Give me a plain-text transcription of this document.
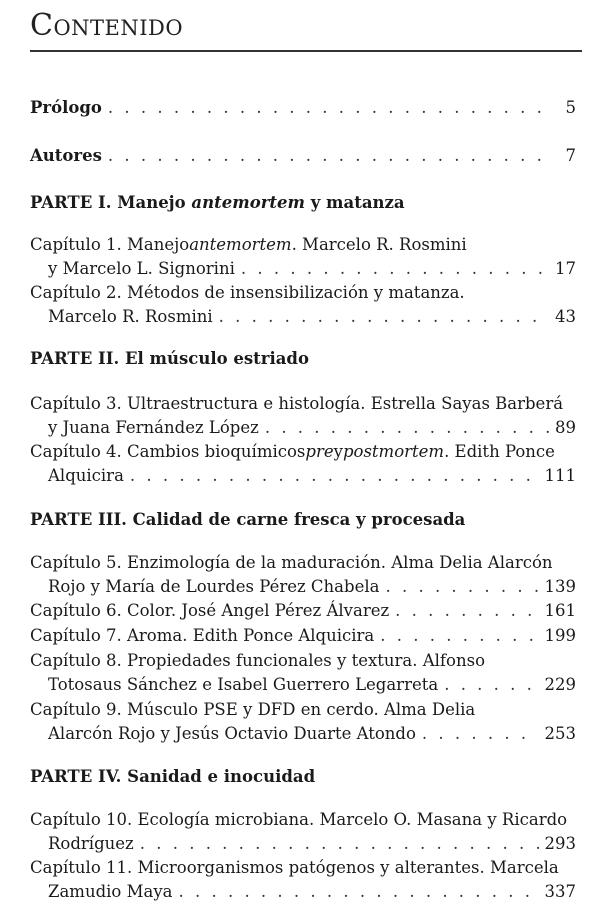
Contenido
Prólogo . . .	5
Autores . . .	7
PARTE I. Manejo antemortem y matanza
Capítulo 1. Manejo antemortem . Marcelo R. Rosmini
y Marcelo L. Signorini . . .	17
Capítulo 2. Métodos de insensibilización y matanza.
Marcelo R. Rosmini . . .	43
PARTE II. El músculo estriado
Capítulo 3. Ultraestructura e histología. Estrella Sayas Barberá
y Juana Fernández López . . .	89
Capítulo 4. Cambios bioquímicos pre y postmortem . Edith Ponce
Alquicira . . .	111
PARTE III. Calidad de carne fresca y procesada
Capítulo 5. Enzimología de la maduración. Alma Delia Alarcón
Rojo y María de Lourdes Pérez Chabela . . .	139
Capítulo 6. Color. José Angel Pérez Álvarez . . .	161
Capítulo 7. Aroma. Edith Ponce Alquicira . . .	199
Capítulo 8. Propiedades funcionales y textura. Alfonso
Totosaus Sánchez e Isabel Guerrero Legarreta . . .	229
Capítulo 9. Músculo PSE y DFD en cerdo. Alma Delia
Alarcón Rojo y Jesús Octavio Duarte Atondo . . .	253
PARTE IV. Sanidad e inocuidad
Capítulo 10. Ecología microbiana. Marcelo O. Masana y Ricardo
Rodríguez . . .	293
Capítulo 11. Microorganismos patógenos y alterantes. Marcela
Zamudio Maya . . .	337
